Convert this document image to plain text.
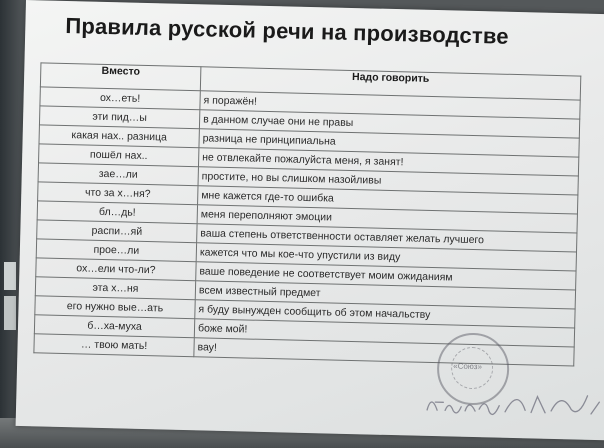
Правила русской речи на производстве
Вместо	Надо говорить
ох…еть!	я поражён!
эти пид…ы	в данном случае они не правы
какая нах.. разница	разница не принципиальна
пошёл нах..	не отвлекайте пожалуйста меня, я занят!
зае…ли	простите, но вы слишком назойливы
что за х…ня?	мне кажется где-то ошибка
бл…дь!	меня переполняют эмоции
распи…яй	ваша степень ответственности оставляет желать лучшего
прое…ли	кажется что мы кое-что упустили из виду
ох…ели что-ли?	ваше поведение не соответствует моим ожиданиям
эта х…ня	всем известный предмет
его нужно вые…ать	я буду вынужден сообщить об этом начальству
б…ха-муха	боже мой!
… твою мать!	вау!
«Союз»
